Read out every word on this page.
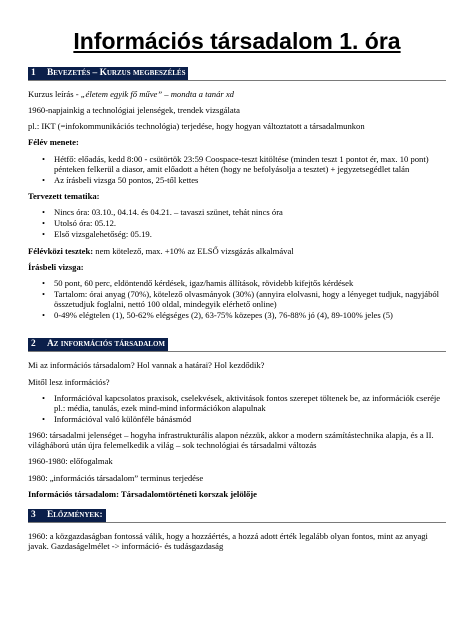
Információs társadalom 1. óra
1 Bevezetés – Kurzus megbeszélés

Kurzus leírás - „életem egyik fő műve” – mondta a tanár xd

1960-napjainkig a technológiai jelenségek, trendek vizsgálata

pl.: IKT (=infokommunikációs technológia) terjedése, hogy hogyan változtatott a társadalmunkon

Félév menete:

• Hétfő: előadás, kedd 8:00 - csütörtök 23:59 Coospace-teszt kitöltése (minden teszt 1 pontot ér, max. 10 pont) pénteken felkerül a diasor, amit előadott a héten (hogy ne befolyásolja a tesztet) + jegyzetsegédlet talán
• Az írásbeli vizsga 50 pontos, 25-től kettes

Tervezett tematika:

• Nincs óra: 03.10., 04.14. és 04.21. – tavaszi szünet, tehát nincs óra
• Utolsó óra: 05.12.
• Első vizsgalehetőség: 05.19.

Félévközi tesztek: nem kötelező, max. +10% az ELSŐ vizsgázás alkalmával

Írásbeli vizsga:

• 50 pont, 60 perc, eldöntendő kérdések, igaz/hamis állítások, rövidebb kifejtős kérdések
• Tartalom: órai anyag (70%), kötelező olvasmányok (30%) (annyira elolvasni, hogy a lényeget tudjuk, nagyjából összetudjuk foglalni, nettó 100 oldal, mindegyik elérhető online)
• 0-49% elégtelen (1), 50-62% elégséges (2), 63-75% közepes (3), 76-88% jó (4), 89-100% jeles (5)
2 Az információs társadalom

Mi az információs társadalom? Hol vannak a határai? Hol kezdődik?

Mitől lesz információs?

• Információval kapcsolatos praxisok, cselekvések, aktivitások fontos szerepet töltenek be, az információk cseréje pl.: média, tanulás, ezek mind-mind információkon alapulnak
• Információval való különféle bánásmód

1960: társadalmi jelenséget – hogyha infrastrukturális alapon nézzük, akkor a modern számítástechnika alapja, és a II. világháború után újra felemelkedik a világ – sok technológiai és társadalmi változás

1960-1980: előfogalmak

1980: „információs társadalom” terminus terjedése

Információs társadalom: Társadalomtörténeti korszak jelölője

3 Előzmények:

1960: a közgazdaságban fontossá válik, hogy a hozzáértés, a hozzá adott érték legalább olyan fontos, mint az anyagi javak. Gazdaságelmélet -> információ- és tudásgazdaság
